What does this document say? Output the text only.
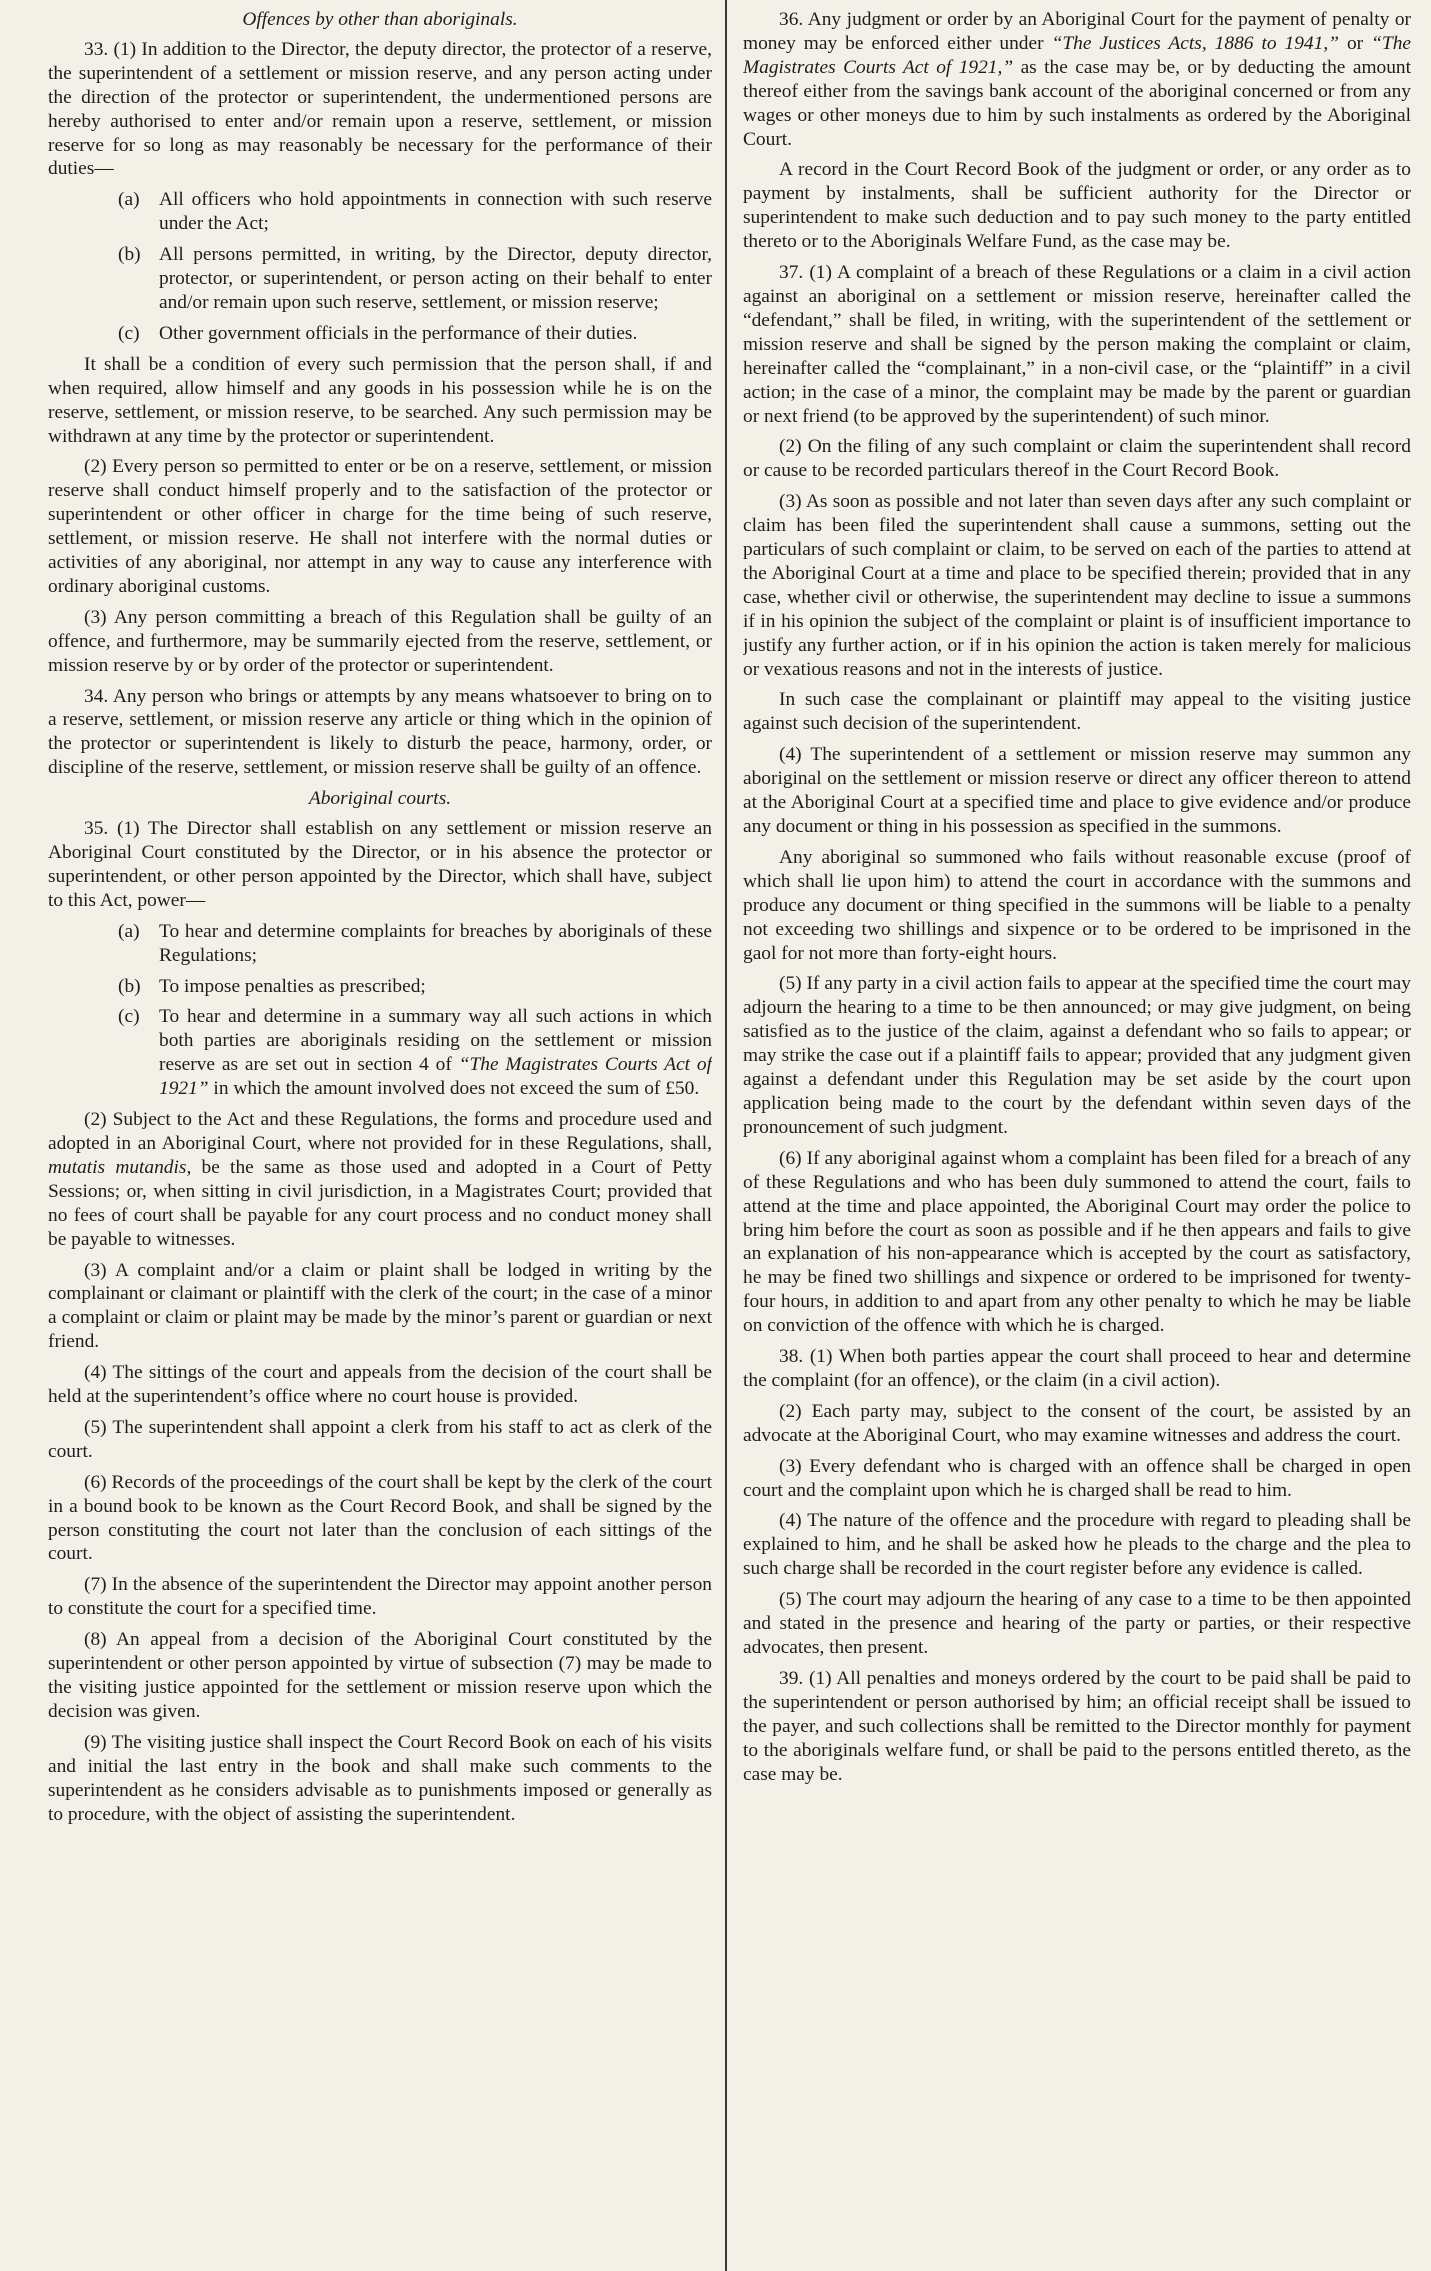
Offences by other than aboriginals.

33. (1) In addition to the Director, the deputy director, the protector of a reserve, the superintendent of a settlement or mission reserve, and any person acting under the direction of the protector or superintendent, the undermentioned persons are hereby authorised to enter and/or remain upon a reserve, settlement, or mission reserve for so long as may reasonably be necessary for the performance of their duties—

(a)	All officers who hold appointments in connection with such reserve under the Act;
(b) All persons permitted, in writing, by the Director, deputy director, protector, or superintendent, or person acting on their behalf to enter and/or remain upon such reserve, settlement, or mission reserve;
(c)	Other government officials in the performance of their duties.

It shall be a condition of every such permission that the person shall, if and when required, allow himself and any goods in his possession while he is on the reserve, settlement, or mission reserve, to be searched. Any such permission may be withdrawn at any time by the protector or superintendent.

(2) Every person so permitted to enter or be on a reserve, settlement, or mission reserve shall conduct himself properly and to the satisfaction of the protector or superintendent or other officer in charge for the time being of such reserve, settlement, or mission reserve. He shall not interfere with the normal duties or activities of any aboriginal, nor attempt in any way to cause any interference with ordinary aboriginal customs.

(3) Any person committing a breach of this Regulation shall be guilty of an offence, and furthermore, may be summarily ejected from the reserve, settlement, or mission reserve by or by order of the protector or superintendent.

34. Any person who brings or attempts by any means whatsoever to bring on to a reserve, settlement, or mission reserve any article or thing which in the opinion of the protector or superintendent is likely to disturb the peace, harmony, order, or discipline of the reserve, settlement, or mission reserve shall be guilty of an offence.

Aboriginal courts.

35. (1) The Director shall establish on any settlement or mission reserve an Aboriginal Court constituted by the Director, or in his absence the protector or superintendent, or other person appointed by the Director, which shall have, subject to this Act, power—

(a)	To hear and determine complaints for breaches by aboriginals of these Regulations;
(b) To impose penalties as prescribed;
(c)	To hear and determine in a summary way all such actions in which both parties are aboriginals residing on the settlement or mission reserve as are set out in section 4 of “The Magistrates Courts Act of 1921” in which the amount involved does not exceed the sum of £50.

(2) Subject to the Act and these Regulations, the forms and procedure used and adopted in an Aboriginal Court, where not provided for in these Regulations, shall, mutatis mutandis, be the same as those used and adopted in a Court of Petty Sessions; or, when sitting in civil jurisdiction, in a Magistrates Court; provided that no fees of court shall be payable for any court process and no conduct money shall be payable to witnesses.

(3) A complaint and/or a claim or plaint shall be lodged in writing by the complainant or claimant or plaintiff with the clerk of the court; in the case of a minor a complaint or claim or plaint may be made by the minor’s parent or guardian or next friend.

(4) The sittings of the court and appeals from the decision of the court shall be held at the superintendent’s office where no court house is provided.

(5) The superintendent shall appoint a clerk from his staff to act as clerk of the court.

(6) Records of the proceedings of the court shall be kept by the clerk of the court in a bound book to be known as the Court Record Book, and shall be signed by the person constituting the court not later than the conclusion of each sittings of the court.

(7) In the absence of the superintendent the Director may appoint another person to constitute the court for a specified time.

(8) An appeal from a decision of the Aboriginal Court constituted by the superintendent or other person appointed by virtue of subsection (7) may be made to the visiting justice appointed for the settlement or mission reserve upon which the decision was given.

(9) The visiting justice shall inspect the Court Record Book on each of his visits and initial the last entry in the book and shall make such comments to the superintendent as he considers advisable as to punishments imposed or generally as to procedure, with the object of assisting the superintendent.

36. Any judgment or order by an Aboriginal Court for the payment of penalty or money may be enforced either under “The Justices Acts, 1886 to 1941,” or “The Magistrates Courts Act of 1921,” as the case may be, or by deducting the amount thereof either from the savings bank account of the aboriginal concerned or from any wages or other moneys due to him by such instalments as ordered by the Aboriginal Court.

A record in the Court Record Book of the judgment or order, or any order as to payment by instalments, shall be sufficient authority for the Director or superintendent to make such deduction and to pay such money to the party entitled thereto or to the Aboriginals Welfare Fund, as the case may be.

37. (1) A complaint of a breach of these Regulations or a claim in a civil action against an aboriginal on a settlement or mission reserve, hereinafter called the “defendant,” shall be filed, in writing, with the superintendent of the settlement or mission reserve and shall be signed by the person making the complaint or claim, hereinafter called the “complainant,” in a non-civil case, or the “plaintiff” in a civil action; in the case of a minor, the complaint may be made by the parent or guardian or next friend (to be approved by the superintendent) of such minor.

(2) On the filing of any such complaint or claim the superintendent shall record or cause to be recorded particulars thereof in the Court Record Book.

(3) As soon as possible and not later than seven days after any such complaint or claim has been filed the superintendent shall cause a summons, setting out the particulars of such complaint or claim, to be served on each of the parties to attend at the Aboriginal Court at a time and place to be specified therein; provided that in any case, whether civil or otherwise, the superintendent may decline to issue a summons if in his opinion the subject of the complaint or plaint is of insufficient importance to justify any further action, or if in his opinion the action is taken merely for malicious or vexatious reasons and not in the interests of justice.

In such case the complainant or plaintiff may appeal to the visiting justice against such decision of the superintendent.

(4) The superintendent of a settlement or mission reserve may summon any aboriginal on the settlement or mission reserve or direct any officer thereon to attend at the Aboriginal Court at a specified time and place to give evidence and/or produce any document or thing in his possession as specified in the summons.

Any aboriginal so summoned who fails without reasonable excuse (proof of which shall lie upon him) to attend the court in accordance with the summons and produce any document or thing specified in the summons will be liable to a penalty not exceeding two shillings and sixpence or to be ordered to be imprisoned in the gaol for not more than forty-eight hours.

(5) If any party in a civil action fails to appear at the specified time the court may adjourn the hearing to a time to be then announced; or may give judgment, on being satisfied as to the justice of the claim, against a defendant who so fails to appear; or may strike the case out if a plaintiff fails to appear; provided that any judgment given against a defendant under this Regulation may be set aside by the court upon application being made to the court by the defendant within seven days of the pronouncement of such judgment.

(6) If any aboriginal against whom a complaint has been filed for a breach of any of these Regulations and who has been duly summoned to attend the court, fails to attend at the time and place appointed, the Aboriginal Court may order the police to bring him before the court as soon as possible and if he then appears and fails to give an explanation of his non-appearance which is accepted by the court as satisfactory, he may be fined two shillings and sixpence or ordered to be imprisoned for twenty-four hours, in addition to and apart from any other penalty to which he may be liable on conviction of the offence with which he is charged.

38. (1) When both parties appear the court shall proceed to hear and determine the complaint (for an offence), or the claim (in a civil action).

(2) Each party may, subject to the consent of the court, be assisted by an advocate at the Aboriginal Court, who may examine witnesses and address the court.

(3) Every defendant who is charged with an offence shall be charged in open court and the complaint upon which he is charged shall be read to him.

(4) The nature of the offence and the procedure with regard to pleading shall be explained to him, and he shall be asked how he pleads to the charge and the plea to such charge shall be recorded in the court register before any evidence is called.

(5) The court may adjourn the hearing of any case to a time to be then appointed and stated in the presence and hearing of the party or parties, or their respective advocates, then present.

39. (1) All penalties and moneys ordered by the court to be paid shall be paid to the superintendent or person authorised by him; an official receipt shall be issued to the payer, and such collections shall be remitted to the Director monthly for payment to the aboriginals welfare fund, or shall be paid to the persons entitled thereto, as the case may be.
